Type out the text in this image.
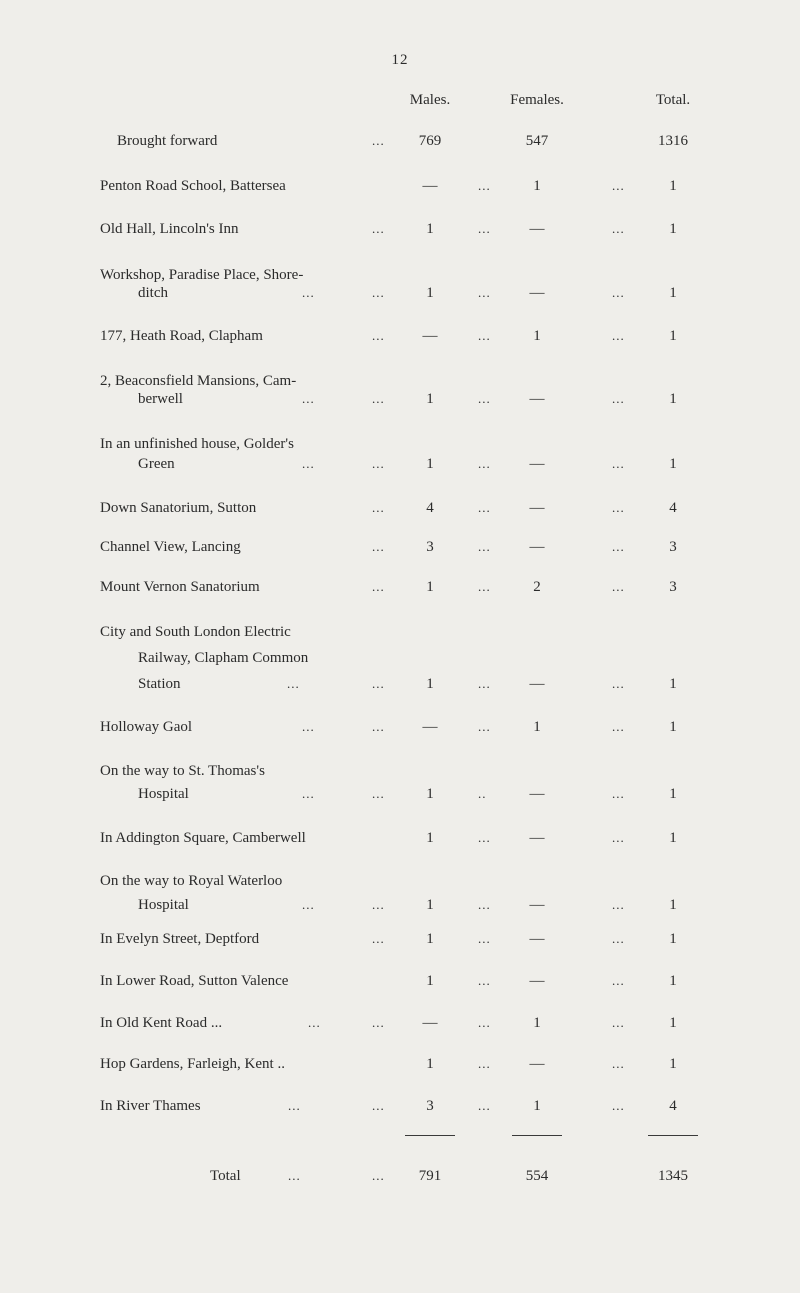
12
Males.	Females.	Total.
Brought forward	...	769	547	1316
Penton Road School, Battersea	—	...	1	...	1
Old Hall, Lincoln's Inn	...	1	...	—	...	1
Workshop, Paradise Place, Shore-
ditch	...	...	1	...	—	...	1
177, Heath Road, Clapham	...	—	...	1	...	1
2, Beaconsfield Mansions, Cam-
berwell	...	...	1	...	—	...	1
In an unfinished house, Golder's
Green	...	...	1	...	—	...	1
Down Sanatorium, Sutton	...	4	...	—	...	4
Channel View, Lancing	...	3	...	—	...	3
Mount Vernon Sanatorium	...	1	...	2	...	3
City and South London Electric
Railway, Clapham Common
Station	...	...	1	...	—	...	1
Holloway Gaol	...	...	—	...	1	...	1
On the way to St. Thomas's
Hospital	...	...	1	..	—	...	1
In Addington Square, Camberwell	1	...	—	...	1
On the way to Royal Waterloo
Hospital	...	...	1	...	—	...	1
In Evelyn Street, Deptford	...	1	...	—	...	1
In Lower Road, Sutton Valence	1	...	—	...	1
In Old Kent Road ...	...	...	—	...	1	...	1
Hop Gardens, Farleigh, Kent ..	1	...	—	...	1
In River Thames	...	...	3	...	1	...	4
Total	...	...	791	554	1345
